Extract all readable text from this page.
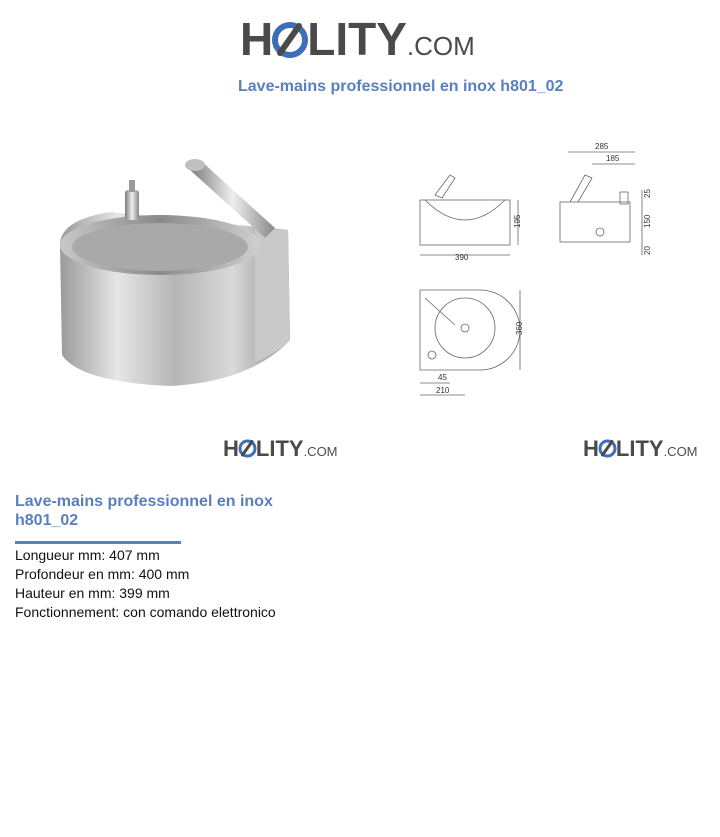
H LITY .COM
Lave-mains professionnel en inox h801_02
390
195
285
185
25
150
20
360
45
210
H LITY .COM	H LITY .COM
Lave-mains professionnel en inox h801_02
Longueur mm: 407 mm
Profondeur en mm: 400 mm
Hauteur en mm: 399 mm
Fonctionnement: con comando elettronico
